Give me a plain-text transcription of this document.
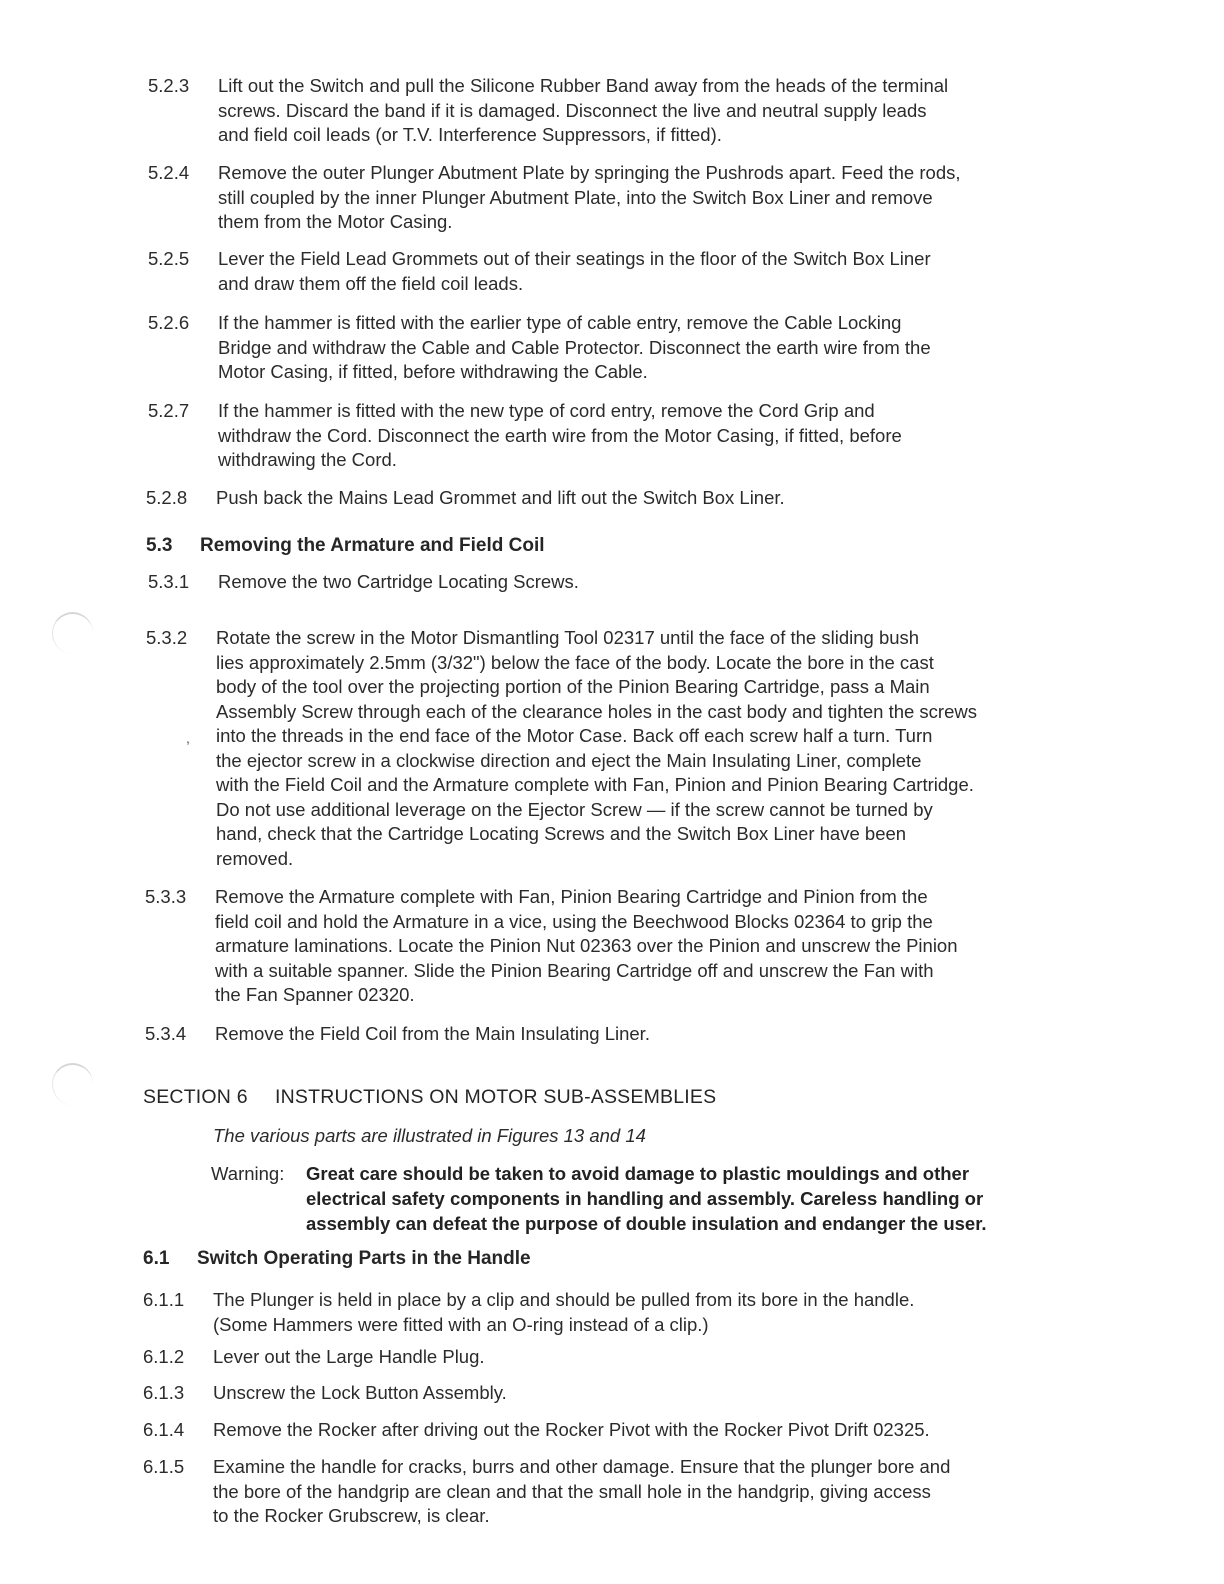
,
5.2.3	Lift out the Switch and pull the Silicone Rubber Band away from the heads of the terminal
screws. Discard the band if it is damaged. Disconnect the live and neutral supply leads
and field coil leads (or T.V. Interference Suppressors, if fitted).
5.2.4	Remove the outer Plunger Abutment Plate by springing the Pushrods apart. Feed the rods,
still coupled by the inner Plunger Abutment Plate, into the Switch Box Liner and remove
them from the Motor Casing.
5.2.5	Lever the Field Lead Grommets out of their seatings in the floor of the Switch Box Liner
and draw them off the field coil leads.
5.2.6	If the hammer is fitted with the earlier type of cable entry, remove the Cable Locking
Bridge and withdraw the Cable and Cable Protector. Disconnect the earth wire from the
Motor Casing, if fitted, before withdrawing the Cable.
5.2.7	If the hammer is fitted with the new type of cord entry, remove the Cord Grip and
withdraw the Cord. Disconnect the earth wire from the Motor Casing, if fitted, before
withdrawing the Cord.
5.2.8	Push back the Mains Lead Grommet and lift out the Switch Box Liner.
5.3 Removing the Armature and Field Coil
5.3.1	Remove the two Cartridge Locating Screws.
5.3.2	Rotate the screw in the Motor Dismantling Tool 02317 until the face of the sliding bush
lies approximately 2.5mm (3/32") below the face of the body. Locate the bore in the cast
body of the tool over the projecting portion of the Pinion Bearing Cartridge, pass a Main
Assembly Screw through each of the clearance holes in the cast body and tighten the screws
into the threads in the end face of the Motor Case. Back off each screw half a turn. Turn
the ejector screw in a clockwise direction and eject the Main Insulating Liner, complete
with the Field Coil and the Armature complete with Fan, Pinion and Pinion Bearing Cartridge.
Do not use additional leverage on the Ejector Screw — if the screw cannot be turned by
hand, check that the Cartridge Locating Screws and the Switch Box Liner have been
removed.
5.3.3	Remove the Armature complete with Fan, Pinion Bearing Cartridge and Pinion from the
field coil and hold the Armature in a vice, using the Beechwood Blocks 02364 to grip the
armature laminations. Locate the Pinion Nut 02363 over the Pinion and unscrew the Pinion
with a suitable spanner. Slide the Pinion Bearing Cartridge off and unscrew the Fan with
the Fan Spanner 02320.
5.3.4	Remove the Field Coil from the Main Insulating Liner.
SECTION 6 INSTRUCTIONS ON MOTOR SUB-ASSEMBLIES
The various parts are illustrated in Figures 13 and 14
Warning: Great care should be taken to avoid damage to plastic mouldings and other
electrical safety components in handling and assembly. Careless handling or
assembly can defeat the purpose of double insulation and endanger the user.
6.1 Switch Operating Parts in the Handle
6.1.1	The Plunger is held in place by a clip and should be pulled from its bore in the handle.
(Some Hammers were fitted with an O-ring instead of a clip.)
6.1.2	Lever out the Large Handle Plug.
6.1.3	Unscrew the Lock Button Assembly.
6.1.4	Remove the Rocker after driving out the Rocker Pivot with the Rocker Pivot Drift 02325.
6.1.5	Examine the handle for cracks, burrs and other damage. Ensure that the plunger bore and
the bore of the handgrip are clean and that the small hole in the handgrip, giving access
to the Rocker Grubscrew, is clear.
